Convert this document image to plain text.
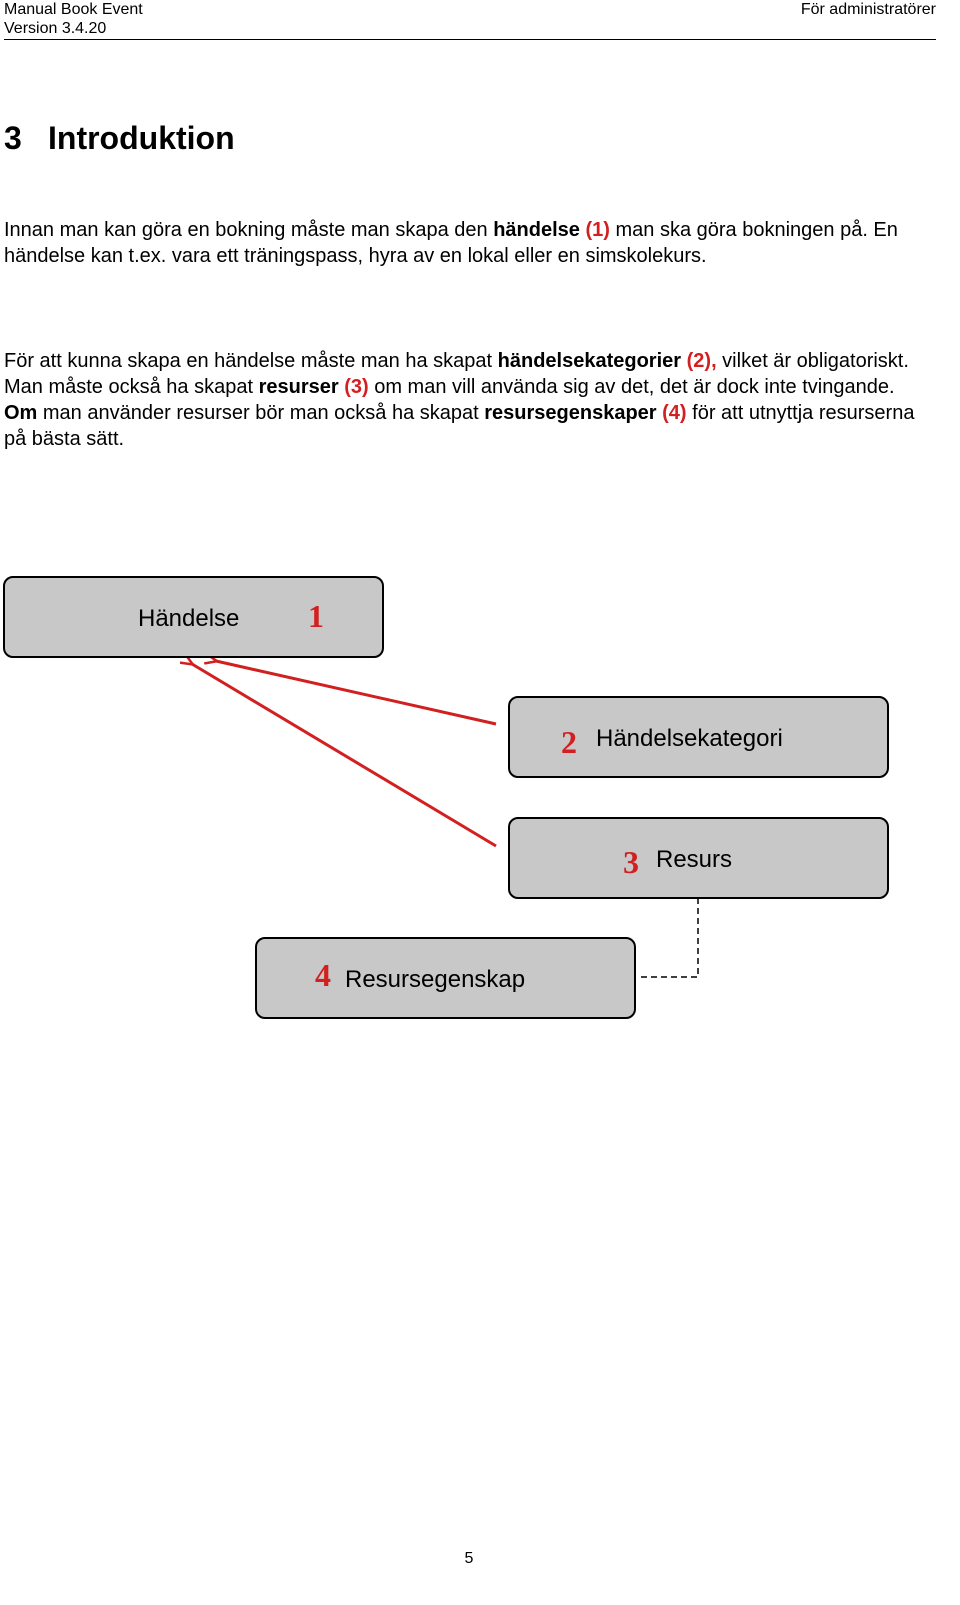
Manual Book Event
Version 3.4.20
För administratörer
3 Introduktion

Innan man kan göra en bokning måste man skapa den händelse (1) man ska göra bokningen på. En händelse kan t.ex. vara ett träningspass, hyra av en lokal eller en simskolekurs.

För att kunna skapa en händelse måste man ha skapat händelsekategorier (2), vilket är obligatoriskt. Man måste också ha skapat resurser (3) om man vill använda sig av det, det är dock inte tvingande. Om man använder resurser bör man också ha skapat resursegenskaper (4) för att utnyttja resurserna på bästa sätt.

Händelse 1
2 Händelsekategori
3 Resurs
4 Resursegenskap
5
